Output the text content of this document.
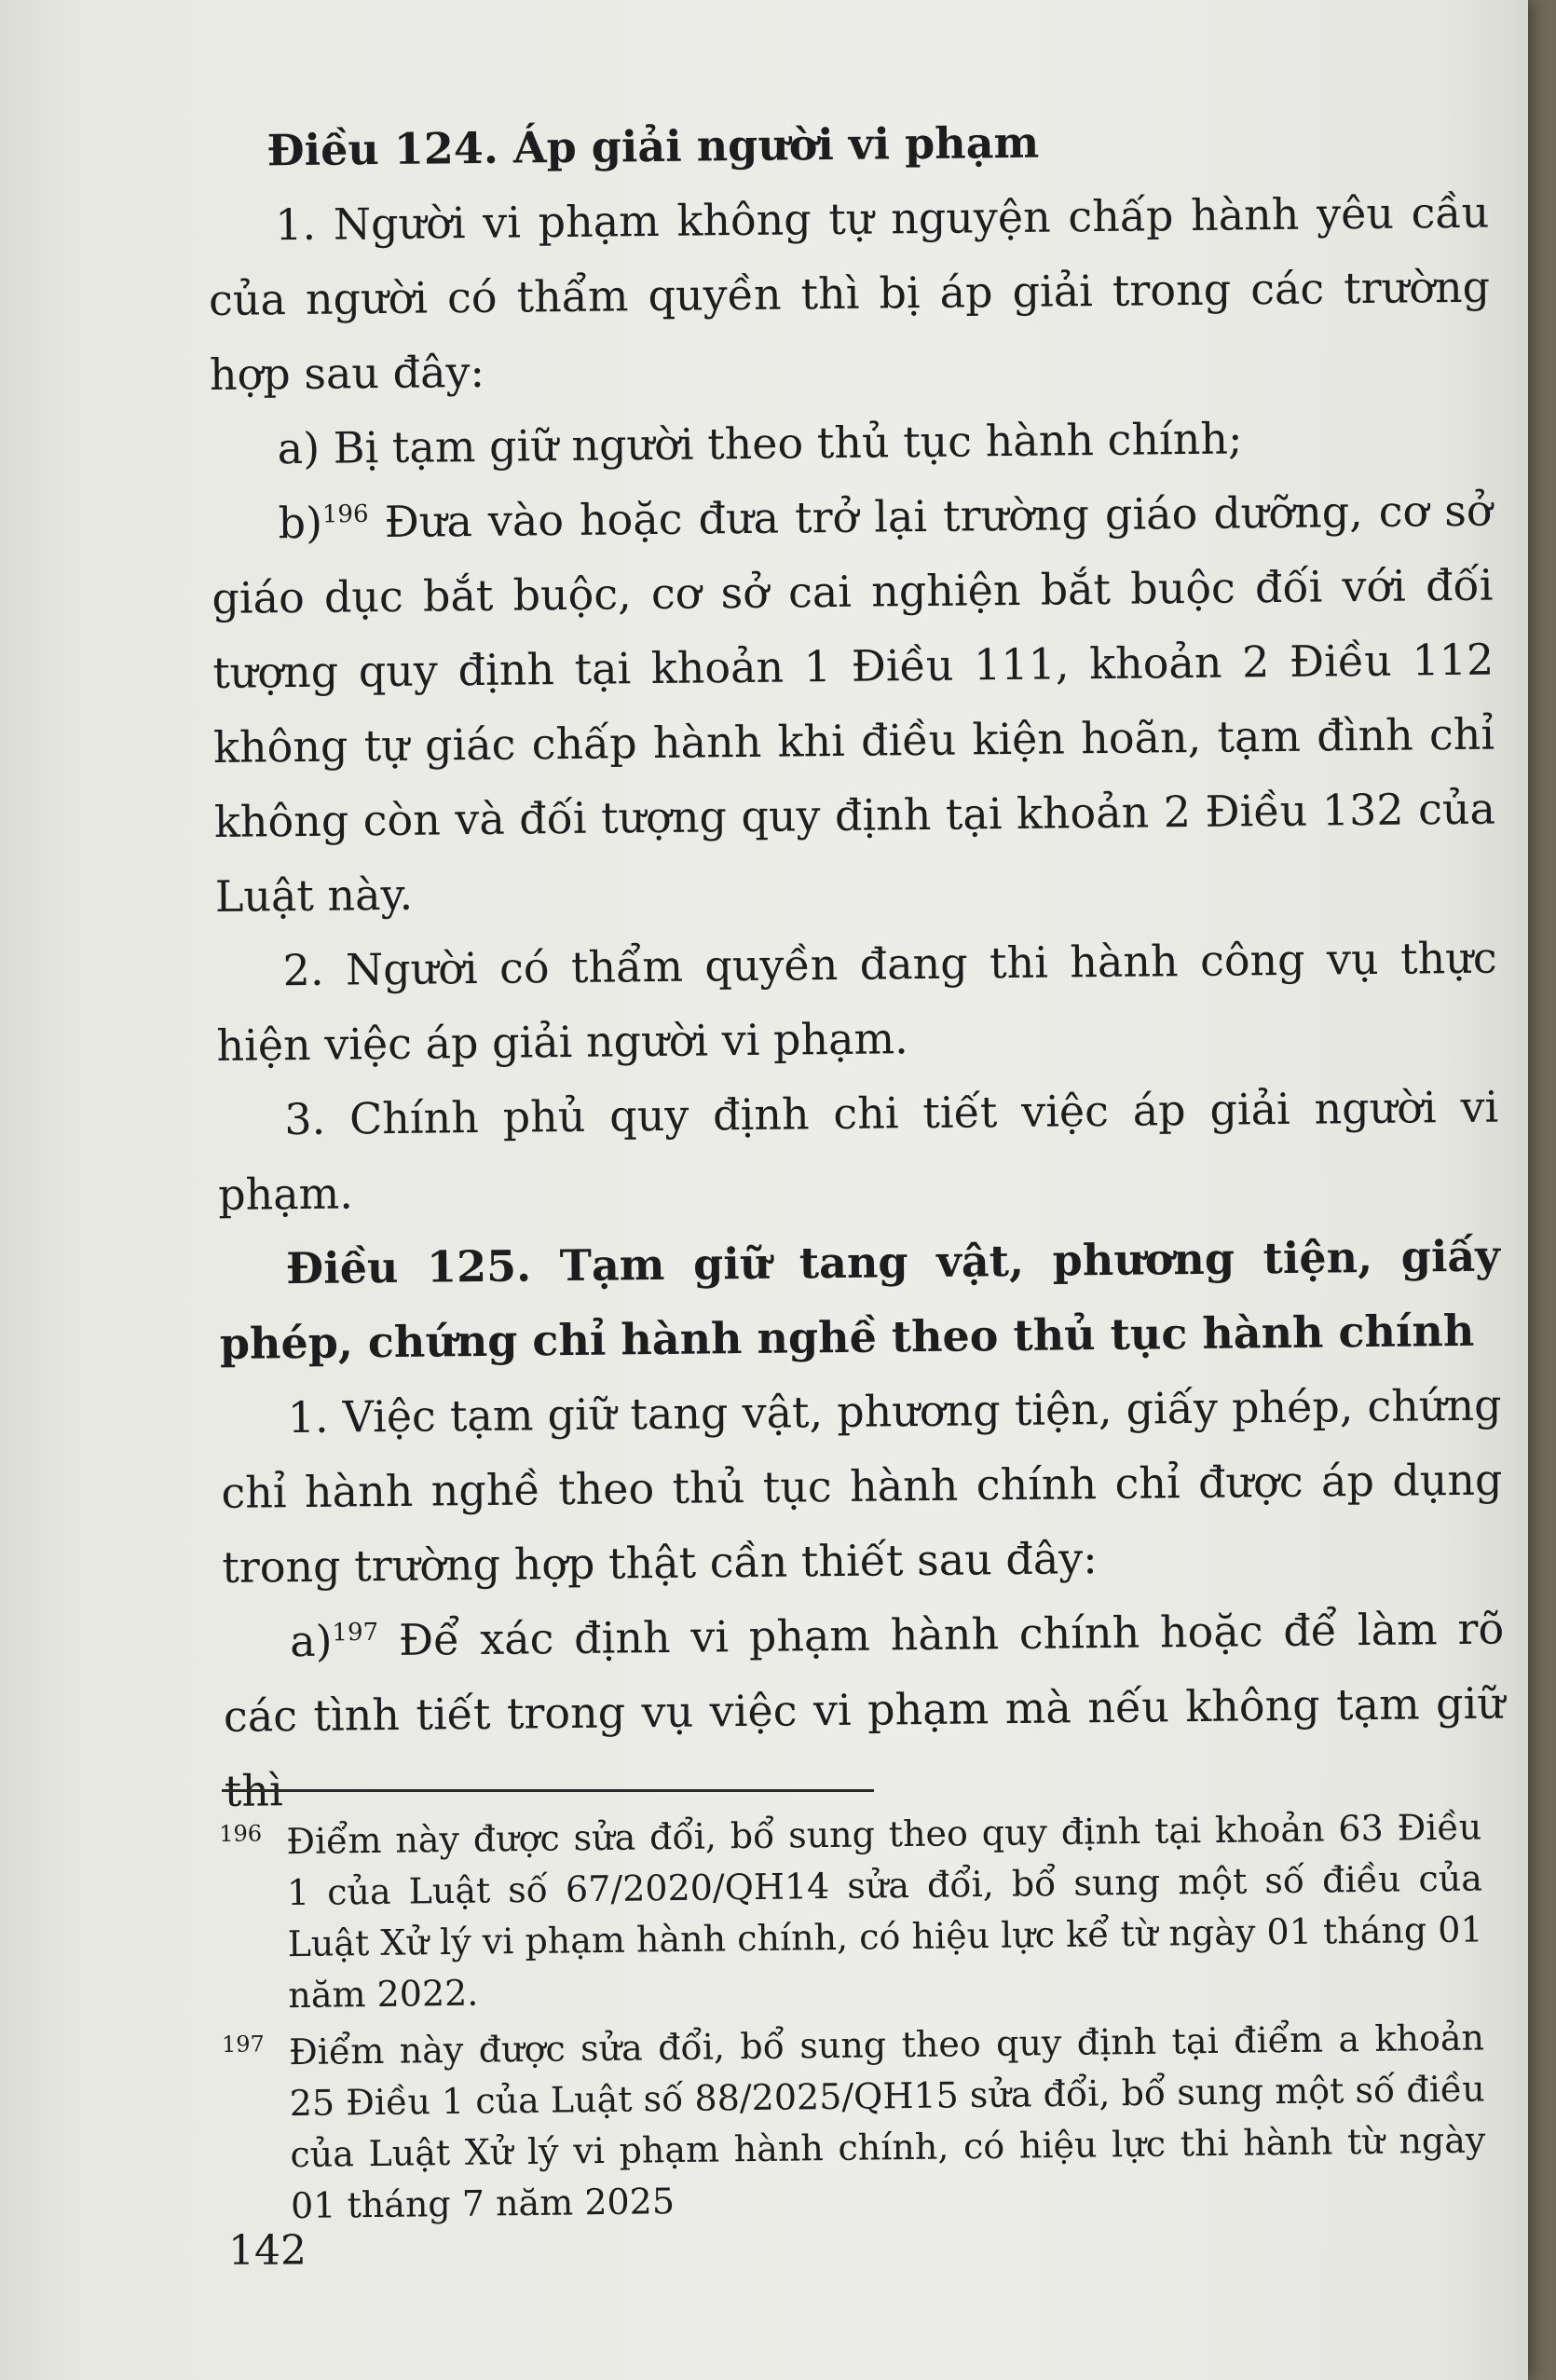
Điều 124. Áp giải người vi phạm

1. Người vi phạm không tự nguyện chấp hành yêu cầu của người có thẩm quyền thì bị áp giải trong các trường hợp sau đây:

a) Bị tạm giữ người theo thủ tục hành chính;

b)$^{196}$ Đưa vào hoặc đưa trở lại trường giáo dưỡng, cơ sở giáo dục bắt buộc, cơ sở cai nghiện bắt buộc đối với đối tượng quy định tại khoản 1 Điều 111, khoản 2 Điều 112 không tự giác chấp hành khi điều kiện hoãn, tạm đình chỉ không còn và đối tượng quy định tại khoản 2 Điều 132 của Luật này.

2. Người có thẩm quyền đang thi hành công vụ thực hiện việc áp giải người vi phạm.

3. Chính phủ quy định chi tiết việc áp giải người vi phạm.

Điều 125. Tạm giữ tang vật, phương tiện, giấy phép, chứng chỉ hành nghề theo thủ tục hành chính

1. Việc tạm giữ tang vật, phương tiện, giấy phép, chứng chỉ hành nghề theo thủ tục hành chính chỉ được áp dụng trong trường hợp thật cần thiết sau đây:

a)$^{197}$ Để xác định vi phạm hành chính hoặc để làm rõ các tình tiết trong vụ việc vi phạm mà nếu không tạm giữ thì

196 Điểm này được sửa đổi, bổ sung theo quy định tại khoản 63 Điều 1 của Luật số 67/2020/QH14 sửa đổi, bổ sung một số điều của Luật Xử lý vi phạm hành chính, có hiệu lực kể từ ngày 01 tháng 01 năm 2022.

197 Điểm này được sửa đổi, bổ sung theo quy định tại điểm a khoản 25 Điều 1 của Luật số 88/2025/QH15 sửa đổi, bổ sung một số điều của Luật Xử lý vi phạm hành chính, có hiệu lực thi hành từ ngày 01 tháng 7 năm 2025

142
